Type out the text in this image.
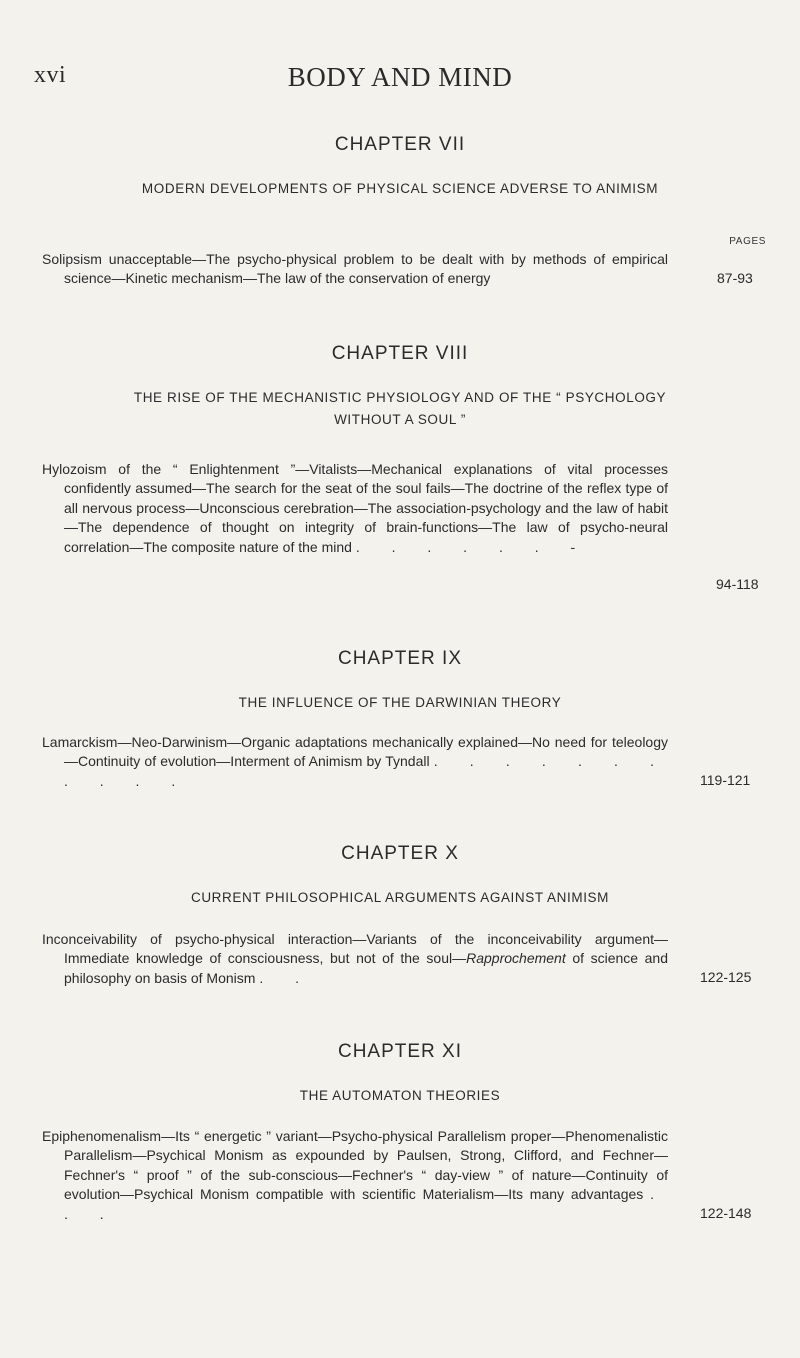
xvi	BODY AND MIND
CHAPTER VII
MODERN DEVELOPMENTS OF PHYSICAL SCIENCE ADVERSE TO ANIMISM
PAGES
Solipsism unacceptable—The psycho-physical problem to be dealt with by methods of empirical science—Kinetic mechanism—The law of the conservation of energy	87-93
CHAPTER VIII
THE RISE OF THE MECHANISTIC PHYSIOLOGY AND OF THE “ PSYCHOLOGY WITHOUT A SOUL ”
Hylozoism of the “ Enlightenment ”—Vitalists—Mechanical explanations of vital processes confidently assumed—The search for the seat of the soul fails—The doctrine of the reflex type of all nervous process—Unconscious cerebration—The association-psychology and the law of habit—The dependence of thought on integrity of brain-functions—The law of psycho-neural correlation—The composite nature of the mind . . . . . . -
94-118
CHAPTER IX
THE INFLUENCE OF THE DARWINIAN THEORY
Lamarckism—Neo-Darwinism—Organic adaptations mechanically explained—No need for teleology—Continuity of evolution—Interment of Animism by Tyndall . . . . . . . . . . .	119-121
CHAPTER X
CURRENT PHILOSOPHICAL ARGUMENTS AGAINST ANIMISM
Inconceivability of psycho-physical interaction—Variants of the inconceivability argument—Immediate knowledge of consciousness, but not of the soul—Rapprochement of science and philosophy on basis of Monism . .	122-125
CHAPTER XI
THE AUTOMATON THEORIES
Epiphenomenalism—Its “ energetic ” variant—Psycho-physical Parallelism proper—Phenomenalistic Parallelism—Psychical Monism as expounded by Paulsen, Strong, Clifford, and Fechner—Fechner's “ proof ” of the sub-conscious—Fechner's “ day-view ” of nature—Continuity of evolution—Psychical Monism compatible with scientific Materialism—Its many advantages . . .	122-148
